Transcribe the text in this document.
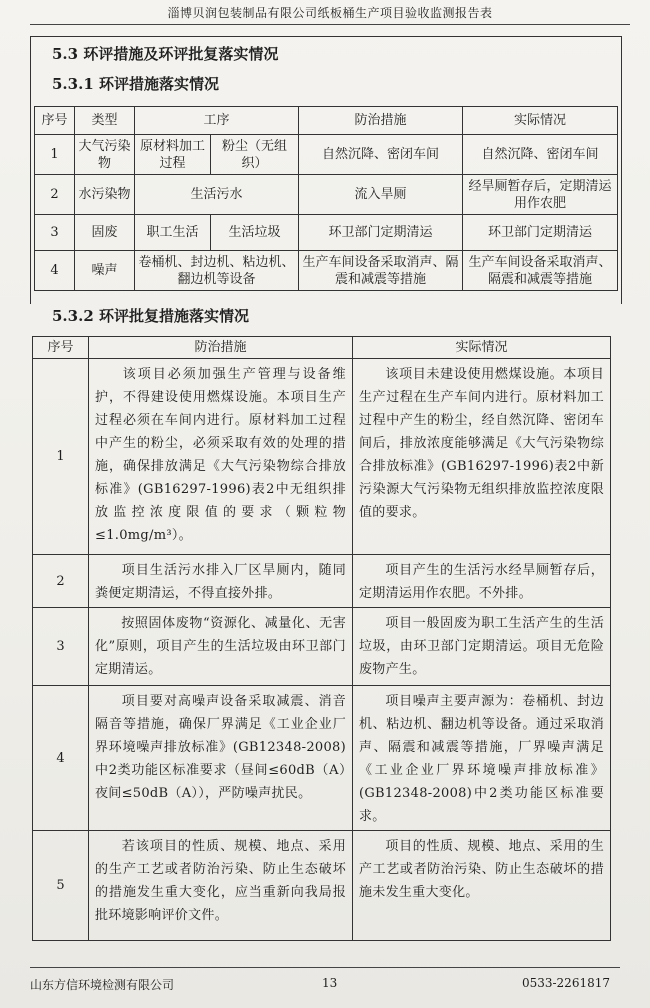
淄博贝润包装制品有限公司纸板桶生产项目验收监测报告表
5.3 环评措施及环评批复落实情况
5.3.1 环评措施落实情况
序号	类型	工序		防治措施	实际情况
1	大气污染物	原材料加工过程	粉尘（无组织）	自然沉降、密闭车间	自然沉降、密闭车间
2	水污染物	生活污水		流入旱厕	经旱厕暂存后，定期清运用作农肥
3	固废	职工生活	生活垃圾	环卫部门定期清运	环卫部门定期清运
4	噪声	卷桶机、封边机、粘边机、翻边机等设备		生产车间设备采取消声、隔震和减震等措施	生产车间设备采取消声、隔震和减震等措施
5.3.2 环评批复措施落实情况
序号	防治措施	实际情况
1	该项目必须加强生产管理与设备维护，不得建设使用燃煤设施。本项目生产过程必须在车间内进行。原材料加工过程中产生的粉尘，必须采取有效的处理的措施，确保排放满足《大气污染物综合排放标准》(GB16297-1996)表2中无组织排放监控浓度限值的要求（颗粒物≤1.0mg/m³）。	该项目未建设使用燃煤设施。本项目生产过程在生产车间内进行。原材料加工过程中产生的粉尘，经自然沉降、密闭车间后，排放浓度能够满足《大气污染物综合排放标准》(GB16297-1996)表2中新污染源大气污染物无组织排放监控浓度限值的要求。
2	项目生活污水排入厂区旱厕内，随同粪便定期清运，不得直接外排。	项目产生的生活污水经旱厕暂存后，定期清运用作农肥。不外排。
3	按照固体废物“资源化、减量化、无害化”原则，项目产生的生活垃圾由环卫部门定期清运。	项目一般固废为职工生活产生的生活垃圾，由环卫部门定期清运。项目无危险废物产生。
4	项目要对高噪声设备采取减震、消音隔音等措施，确保厂界满足《工业企业厂界环境噪声排放标准》(GB12348-2008)中2类功能区标准要求（昼间≤60dB（A）夜间≤50dB（A）），严防噪声扰民。	项目噪声主要声源为：卷桶机、封边机、粘边机、翻边机等设备。通过采取消声、隔震和减震等措施，厂界噪声满足《工业企业厂界环境噪声排放标准》(GB12348-2008)中2类功能区标准要求。
5	若该项目的性质、规模、地点、采用的生产工艺或者防治污染、防止生态破坏的措施发生重大变化，应当重新向我局报批环境影响评价文件。	项目的性质、规模、地点、采用的生产工艺或者防治污染、防止生态破坏的措施未发生重大变化。
山东方信环境检测有限公司	13	0533-2261817
